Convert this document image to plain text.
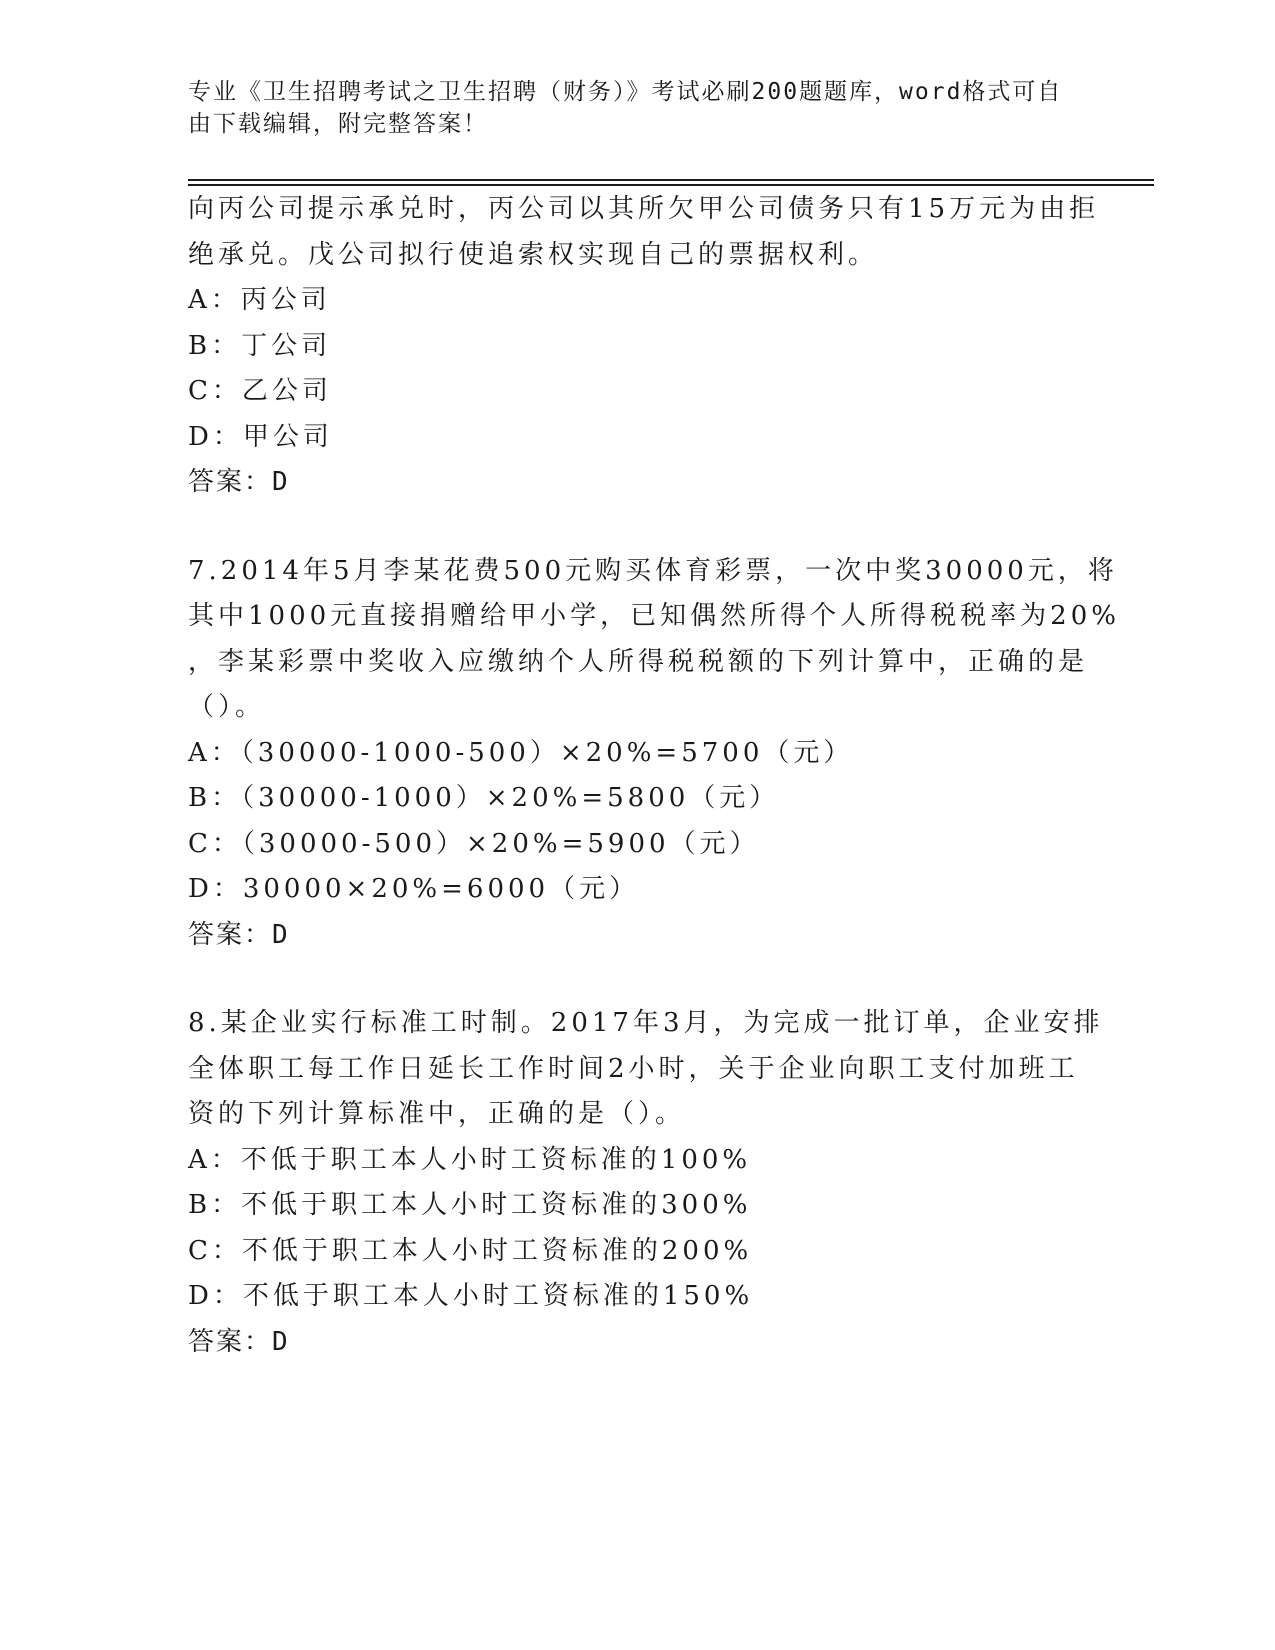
专业《卫生招聘考试之卫生招聘（财务）》考试必刷200题题库，word格式可自
由下载编辑，附完整答案！
向丙公司提示承兑时，丙公司以其所欠甲公司债务只有15万元为由拒
绝承兑。戊公司拟行使追索权实现自己的票据权利。
A：丙公司
B：丁公司
C：乙公司
D：甲公司
答案：D
7.2014年5月李某花费500元购买体育彩票，一次中奖30000元，将
其中1000元直接捐赠给甲小学，已知偶然所得个人所得税税率为20%
，李某彩票中奖收入应缴纳个人所得税税额的下列计算中，正确的是
（）。
A：（30000-1000-500）×20%=5700（元）
B：（30000-1000）×20%=5800（元）
C：（30000-500）×20%=5900（元）
D：30000×20%=6000（元）
答案：D
8.某企业实行标准工时制。2017年3月，为完成一批订单，企业安排
全体职工每工作日延长工作时间2小时，关于企业向职工支付加班工
资的下列计算标准中，正确的是（）。
A：不低于职工本人小时工资标准的100%
B：不低于职工本人小时工资标准的300%
C：不低于职工本人小时工资标准的200%
D：不低于职工本人小时工资标准的150%
答案：D
